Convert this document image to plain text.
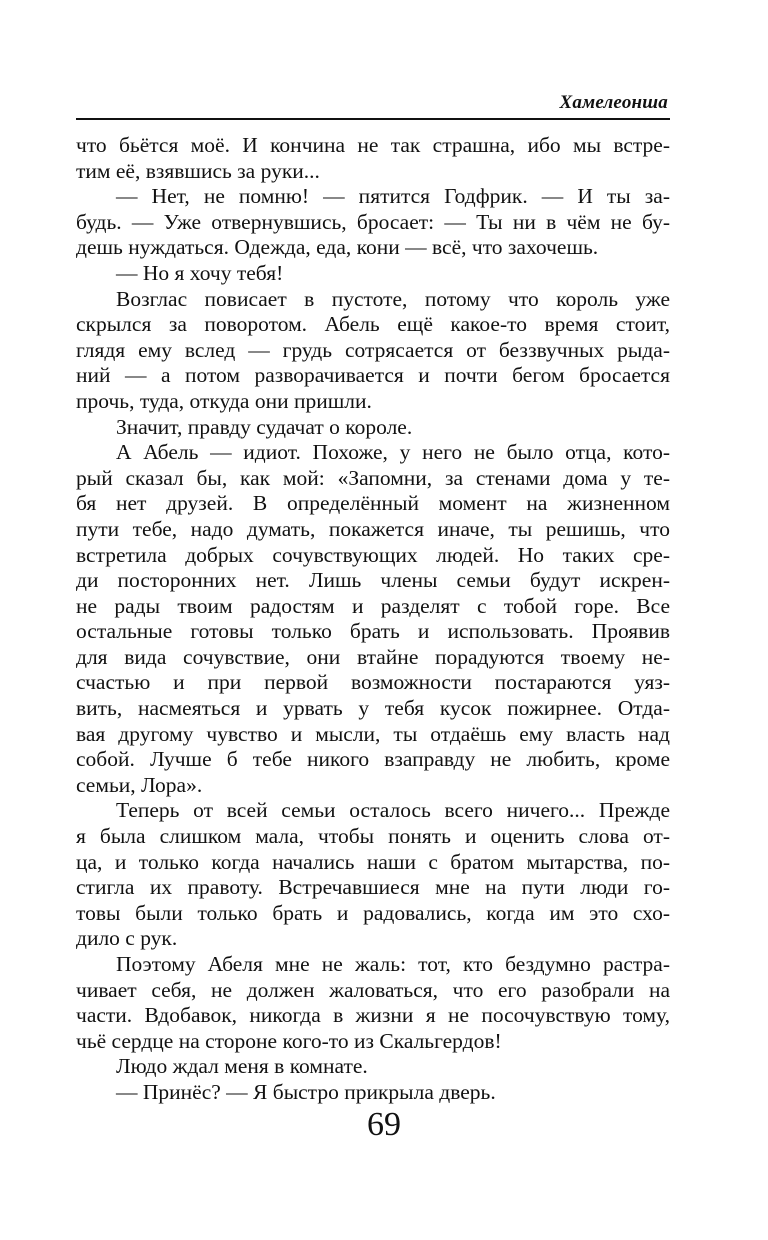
Хамелеонша
что бьётся моё. И кончина не так страшна, ибо мы встре-
тим её, взявшись за руки...
— Нет, не помню! — пятится Годфрик. — И ты за-
будь. — Уже отвернувшись, бросает: — Ты ни в чём не бу-
дешь нуждаться. Одежда, еда, кони — всё, что захочешь.
— Но я хочу тебя!
Возглас повисает в пустоте, потому что король уже
скрылся за поворотом. Абель ещё какое-то время стоит,
глядя ему вслед — грудь сотрясается от беззвучных рыда-
ний — а потом разворачивается и почти бегом бросается
прочь, туда, откуда они пришли.
Значит, правду судачат о короле.
А Абель — идиот. Похоже, у него не было отца, кото-
рый сказал бы, как мой: «Запомни, за стенами дома у те-
бя нет друзей. В определённый момент на жизненном
пути тебе, надо думать, покажется иначе, ты решишь, что
встретила добрых сочувствующих людей. Но таких сре-
ди посторонних нет. Лишь члены семьи будут искрен-
не рады твоим радостям и разделят с тобой горе. Все
остальные готовы только брать и использовать. Проявив
для вида сочувствие, они втайне порадуются твоему не-
счастью и при первой возможности постараются уяз-
вить, насмеяться и урвать у тебя кусок пожирнее. Отда-
вая другому чувство и мысли, ты отдаёшь ему власть над
собой. Лучше б тебе никого взаправду не любить, кроме
семьи, Лора».
Теперь от всей семьи осталось всего ничего... Прежде
я была слишком мала, чтобы понять и оценить слова от-
ца, и только когда начались наши с братом мытарства, по-
стигла их правоту. Встречавшиеся мне на пути люди го-
товы были только брать и радовались, когда им это схо-
дило с рук.
Поэтому Абеля мне не жаль: тот, кто бездумно растра-
чивает себя, не должен жаловаться, что его разобрали на
части. Вдобавок, никогда в жизни я не посочувствую тому,
чьё сердце на стороне кого-то из Скальгердов!
Людо ждал меня в комнате.
— Принёс? — Я быстро прикрыла дверь.
69
